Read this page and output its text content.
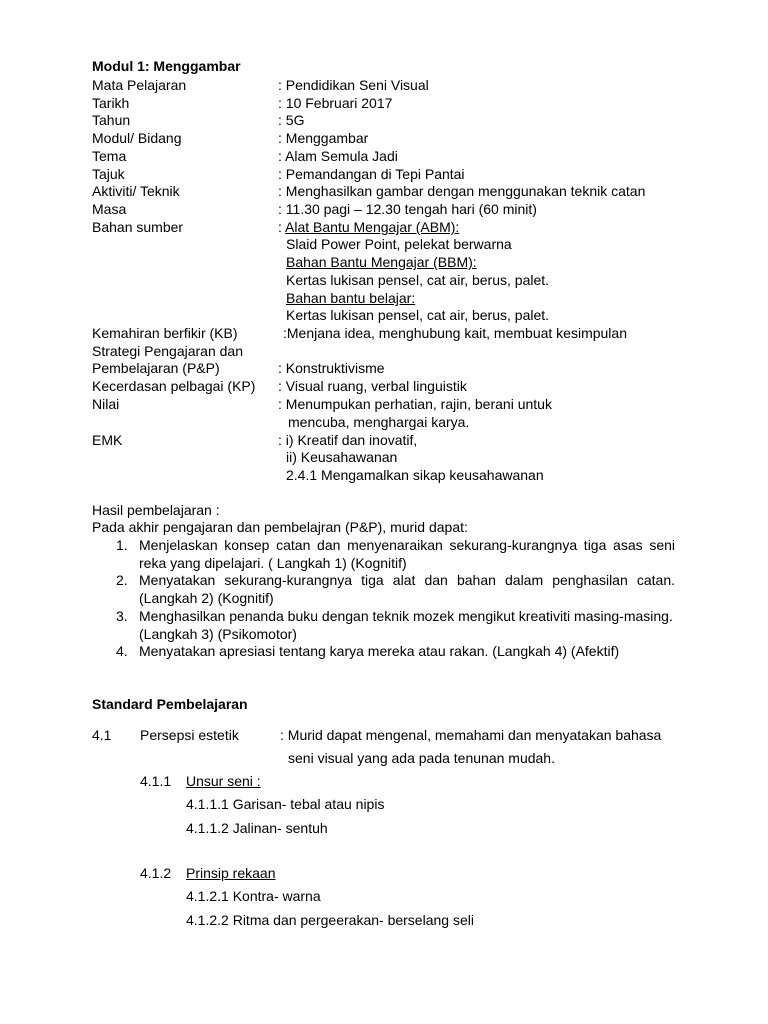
Modul 1: Menggambar
Mata Pelajaran	: Pendidikan Seni Visual
Tarikh	: 10 Februari 2017
Tahun	: 5G
Modul/ Bidang	: Menggambar
Tema	: Alam Semula Jadi
Tajuk	: Pemandangan di Tepi Pantai
Aktiviti/ Teknik	: Menghasilkan gambar dengan menggunakan teknik catan
Masa	: 11.30 pagi – 12.30 tengah hari (60 minit)
Bahan sumber	: Alat Bantu Mengajar (ABM):
Slaid Power Point, pelekat berwarna
Bahan Bantu Mengajar (BBM):
Kertas lukisan pensel, cat air, berus, palet.
Bahan bantu belajar:
Kertas lukisan pensel, cat air, berus, palet.
Kemahiran berfikir (KB)	:Menjana idea, menghubung kait, membuat kesimpulan
Strategi Pengajaran dan
Pembelajaran (P&P)	: Konstruktivisme
Kecerdasan pelbagai (KP) : Visual ruang, verbal linguistik
Nilai	: Menumpukan perhatian, rajin, berani untuk
mencuba, menghargai karya.
EMK	: i) Kreatif dan inovatif,
ii) Keusahawanan
2.4.1 Mengamalkan sikap keusahawanan
Hasil pembelajaran :
Pada akhir pengajaran dan pembelajran (P&P), murid dapat:
1. Menjelaskan konsep catan dan menyenaraikan sekurang-kurangnya tiga asas seni
reka yang dipelajari. ( Langkah 1) (Kognitif)
2. Menyatakan sekurang-kurangnya tiga alat dan bahan dalam penghasilan catan.
(Langkah 2) (Kognitif)
3. Menghasilkan penanda buku dengan teknik mozek mengikut kreativiti masing-masing.
(Langkah 3) (Psikomotor)
4. Menyatakan apresiasi tentang karya mereka atau rakan. (Langkah 4) (Afektif)
Standard Pembelajaran
4.1 Persepsi estetik	: Murid dapat mengenal, memahami dan menyatakan bahasa
seni visual yang ada pada tenunan mudah.
4.1.1 Unsur seni :
4.1.1.1 Garisan- tebal atau nipis
4.1.1.2 Jalinan- sentuh
4.1.2 Prinsip rekaan
4.1.2.1 Kontra- warna
4.1.2.2 Ritma dan pergeerakan- berselang seli
